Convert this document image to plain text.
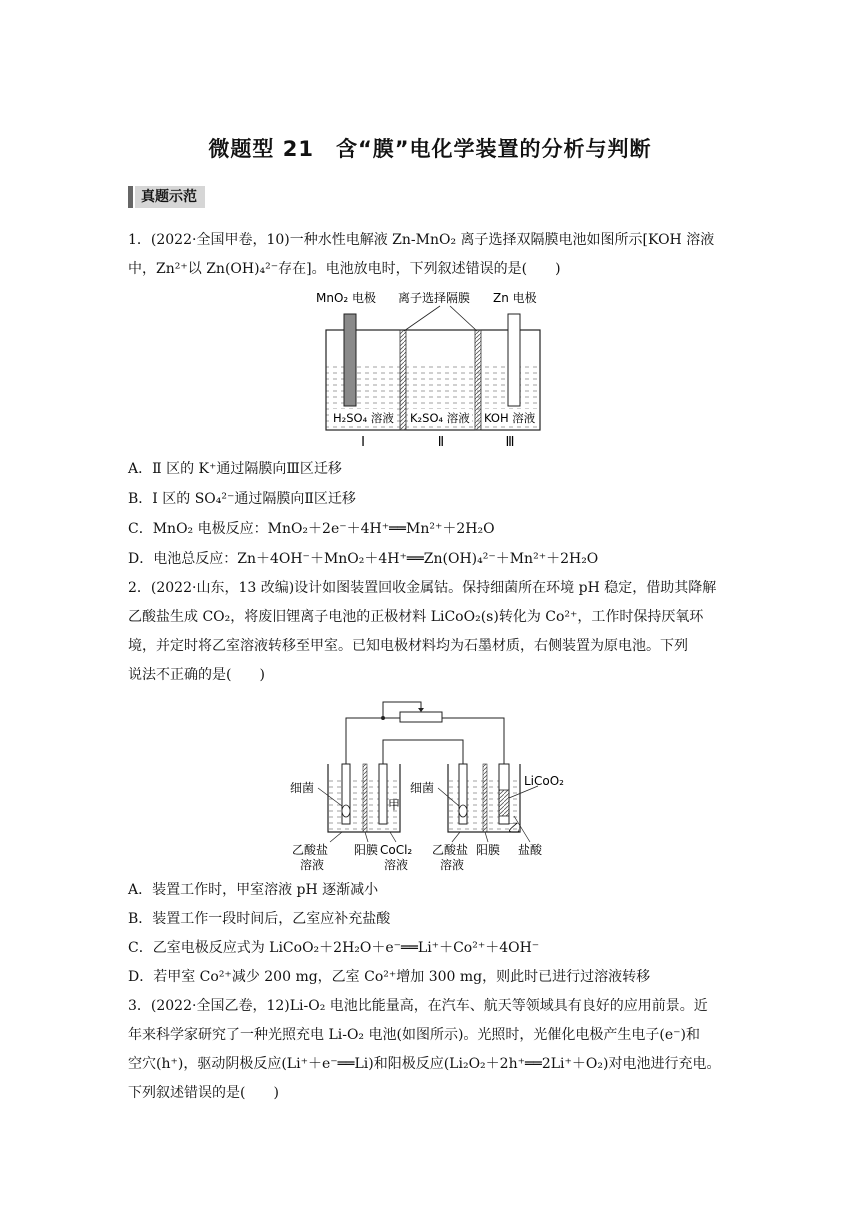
微题型 21　含“膜”电化学装置的分析与判断
真题示范
1．(2022·全国甲卷，10)一种水性电解液 Zn-MnO₂ 离子选择双隔膜电池如图所示[KOH 溶液
中，Zn²⁺以 Zn(OH)₄²⁻存在]。电池放电时，下列叙述错误的是(　　)
MnO₂ 电极 离子选择隔膜 Zn 电极
H₂SO₄ 溶液 K₂SO₄ 溶液 KOH 溶液
Ⅰ	Ⅱ	Ⅲ
A．Ⅱ 区的 K⁺通过隔膜向Ⅲ区迁移
B．Ⅰ 区的 SO₄²⁻通过隔膜向Ⅱ区迁移
C．MnO₂ 电极反应：MnO₂＋2e⁻＋4H⁺══Mn²⁺＋2H₂O
D．电池总反应：Zn＋4OH⁻＋MnO₂＋4H⁺══Zn(OH)₄²⁻＋Mn²⁺＋2H₂O
2．(2022·山东，13 改编)设计如图装置回收金属钴。保持细菌所在环境 pH 稳定，借助其降解
乙酸盐生成 CO₂，将废旧锂离子电池的正极材料 LiCoO₂(s)转化为 Co²⁺，工作时保持厌氧环
境，并定时将乙室溶液转移至甲室。已知电极材料均为石墨材质，右侧装置为原电池。下列
说法不正确的是(　　)
细菌	细菌
甲
乙
LiCoO₂
乙酸盐
溶液
阳膜 CoCl₂
溶液
乙酸盐
溶液
阳膜 盐酸
A．装置工作时，甲室溶液 pH 逐渐减小
B．装置工作一段时间后，乙室应补充盐酸
C．乙室电极反应式为 LiCoO₂＋2H₂O＋e⁻══Li⁺＋Co²⁺＋4OH⁻
D．若甲室 Co²⁺减少 200 mg，乙室 Co²⁺增加 300 mg，则此时已进行过溶液转移
3．(2022·全国乙卷，12)Li-O₂ 电池比能量高，在汽车、航天等领域具有良好的应用前景。近
年来科学家研究了一种光照充电 Li-O₂ 电池(如图所示)。光照时，光催化电极产生电子(e⁻)和
空穴(h⁺)，驱动阴极反应(Li⁺＋e⁻══Li)和阳极反应(Li₂O₂＋2h⁺══2Li⁺＋O₂)对电池进行充电。
下列叙述错误的是(　　)
